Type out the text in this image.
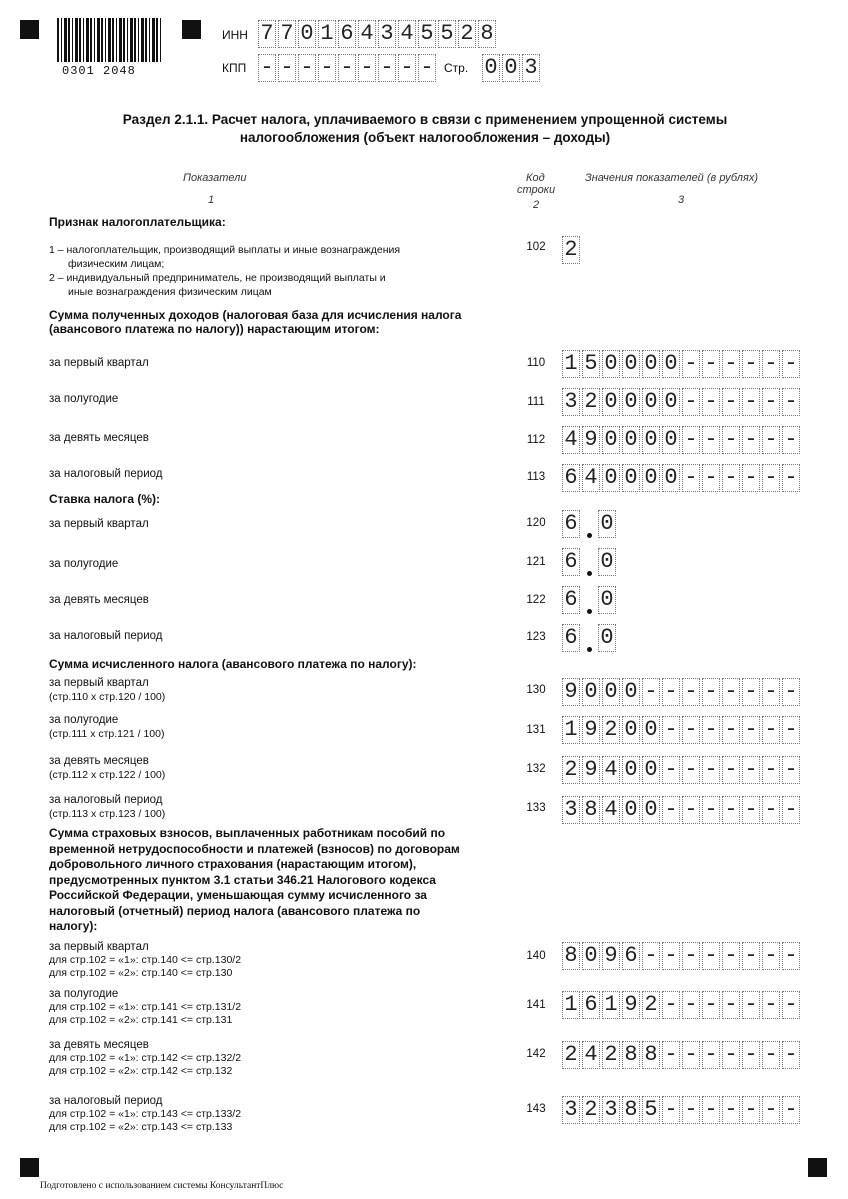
0301 2048
ИНН 7 7 0 1 6 4 3 4 5 5 2 8
КПП - - - - - - - - - Стр. 0 0 3
Раздел 2.1.1. Расчет налога, уплачиваемого в связи с применением упрощенной системы
налогообложения (объект налогообложения – доходы)
Показатели
1
Код
строки
2
Значения показателей (в рублях)
3
Признак налогоплательщика:
1 – налогоплательщик, производящий выплаты и иные вознаграждения
физическим лицам;
2 – индивидуальный предприниматель, не производящий выплаты и
иные вознаграждения физическим лицам
102 2
Сумма полученных доходов (налоговая база для исчисления налога
(авансового платежа по налогу)) нарастающим итогом:
за первый квартал	110 1 5 0 0 0 0 - - - - - -
за полугодие	111 3 2 0 0 0 0 - - - - - -
за девять месяцев	112 4 9 0 0 0 0 - - - - - -
за налоговый период	113 6 4 0 0 0 0 - - - - - -
Ставка налога (%):
за первый квартал	120 6 0
за полугодие	121 6 0
за девять месяцев	122 6 0
за налоговый период	123 6 0
Сумма исчисленного налога (авансового платежа по налогу):
за первый квартал
(стр.110 х стр.120 / 100)
130 9 0 0 0 - - - - - - - -
за полугодие
(стр.111 х стр.121 / 100)	131 1 9 2 0 0 - - - - - - -
за девять месяцев
(стр.112 х стр.122 / 100)	132 2 9 4 0 0 - - - - - - -
за налоговый период
(стр.113 х стр.123 / 100)	133 3 8 4 0 0 - - - - - - -
Сумма страховых взносов, выплаченных работникам пособий по
временной нетрудоспособности и платежей (взносов) по договорам
добровольного личного страхования (нарастающим итогом),
предусмотренных пунктом 3.1 статьи 346.21 Налогового кодекса
Российской Федерации, уменьшающая сумму исчисленного за
налоговый (отчетный) период налога (авансового платежа по
налогу):
за первый квартал
для стр.102 = «1»: стр.140 <= стр.130/2
для стр.102 = «2»: стр.140 <= стр.130
140 8 0 9 6 - - - - - - - -
за полугодие
для стр.102 = «1»: стр.141 <= стр.131/2
для стр.102 = «2»: стр.141 <= стр.131
141 1 6 1 9 2 - - - - - - -
за девять месяцев
для стр.102 = «1»: стр.142 <= стр.132/2
для стр.102 = «2»: стр.142 <= стр.132
142 2 4 2 8 8 - - - - - - -
за налоговый период
для стр.102 = «1»: стр.143 <= стр.133/2
для стр.102 = «2»: стр.143 <= стр.133
143 3 2 3 8 5 - - - - - - -
Подготовлено с использованием системы КонсультантПлюс
